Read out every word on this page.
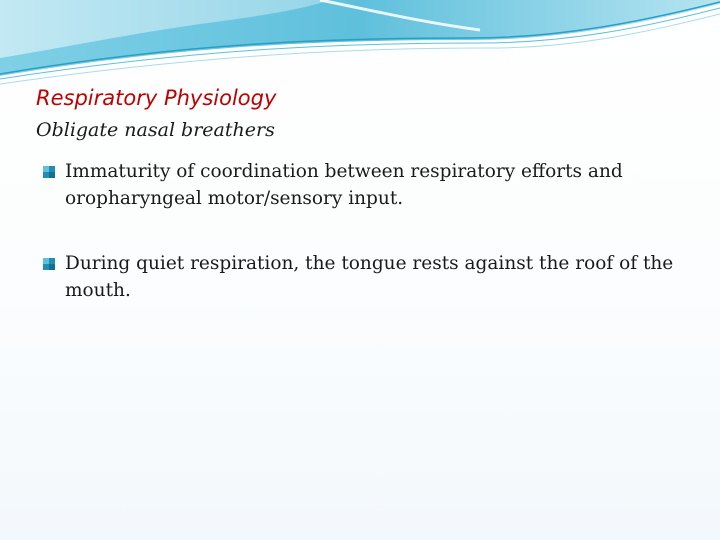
Respiratory Physiology
Obligate nasal breathers
Immaturity of coordination between respiratory efforts and oropharyngeal motor/sensory input.
During quiet respiration, the tongue rests against the roof of the mouth.
